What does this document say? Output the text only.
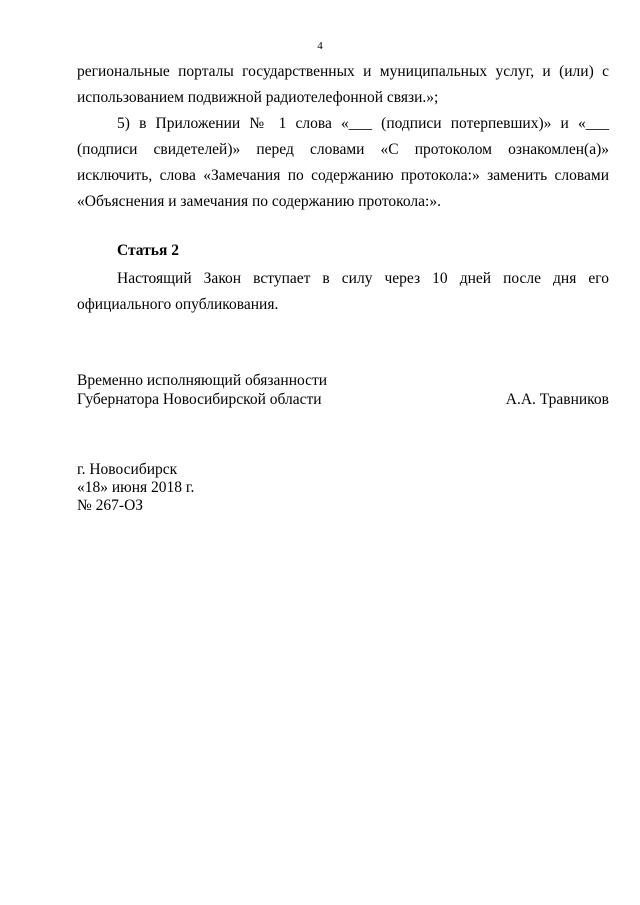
4

региональные порталы государственных и муниципальных услуг, и (или) с использованием подвижной радиотелефонной связи.»;

5) в Приложении № 1 слова «___ (подписи потерпевших)» и «___ (подписи свидетелей)» перед словами «С протоколом ознакомлен(а)» исключить, слова «Замечания по содержанию протокола:» заменить словами «Объяснения и замечания по содержанию протокола:».

Статья 2

Настоящий Закон вступает в силу через 10 дней после дня его официального опубликования.

Временно исполняющий обязанности
Губернатора Новосибирской области	А.А. Травников
г. Новосибирск
«18» июня 2018 г.
№ 267-ОЗ
